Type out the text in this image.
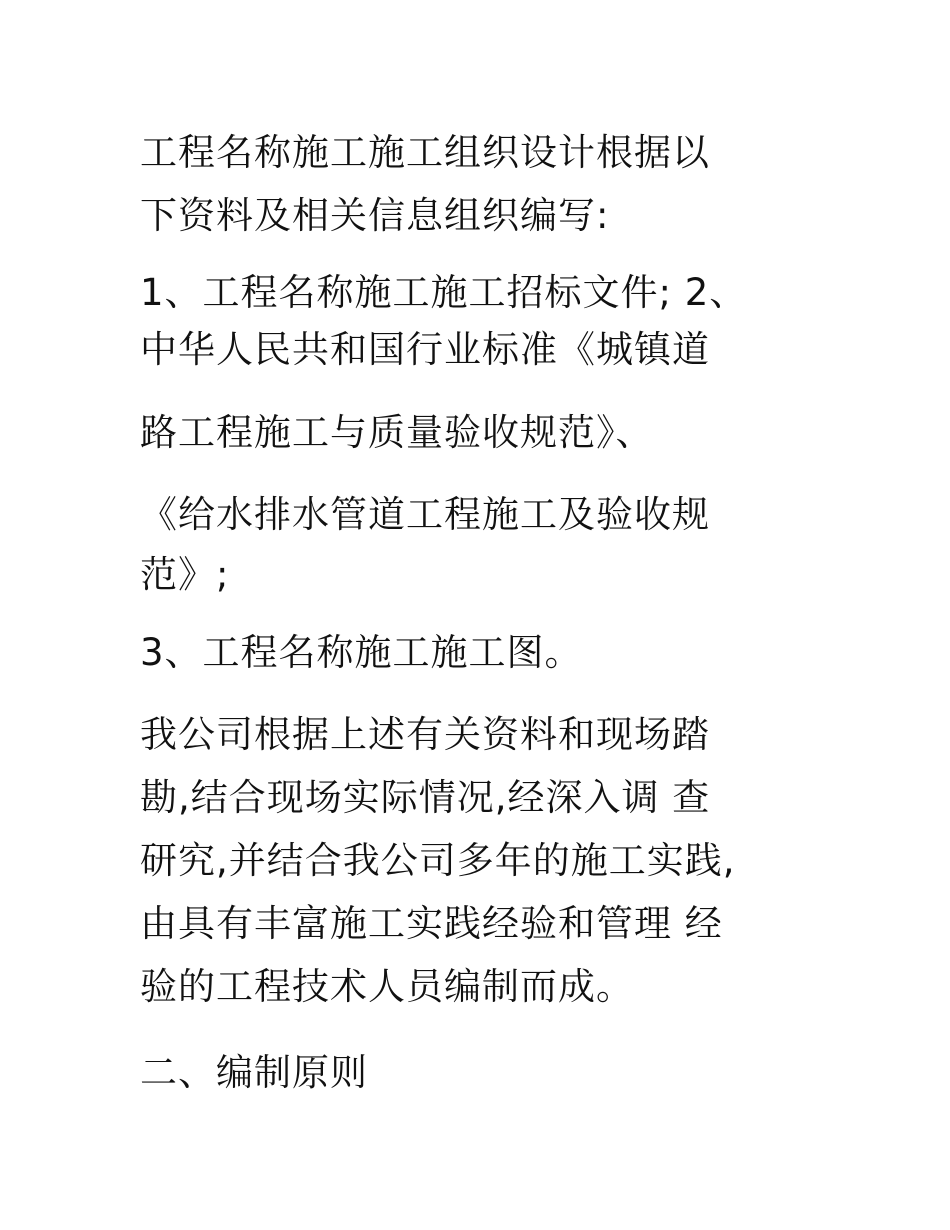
工程名称施工施工组织设计根据以
下资料及相关信息组织编写:
1、工程名称施工施工招标文件; 2、
中华人民共和国行业标准《城镇道
路工程施工与质量验收规范》、
《给水排水管道工程施工及验收规
范》;
3、工程名称施工施工图。
我公司根据上述有关资料和现场踏
勘,结合现场实际情况,经深入调 查
研究,并结合我公司多年的施工实践,
由具有丰富施工实践经验和管理 经
验的工程技术人员编制而成。
二、编制原则
